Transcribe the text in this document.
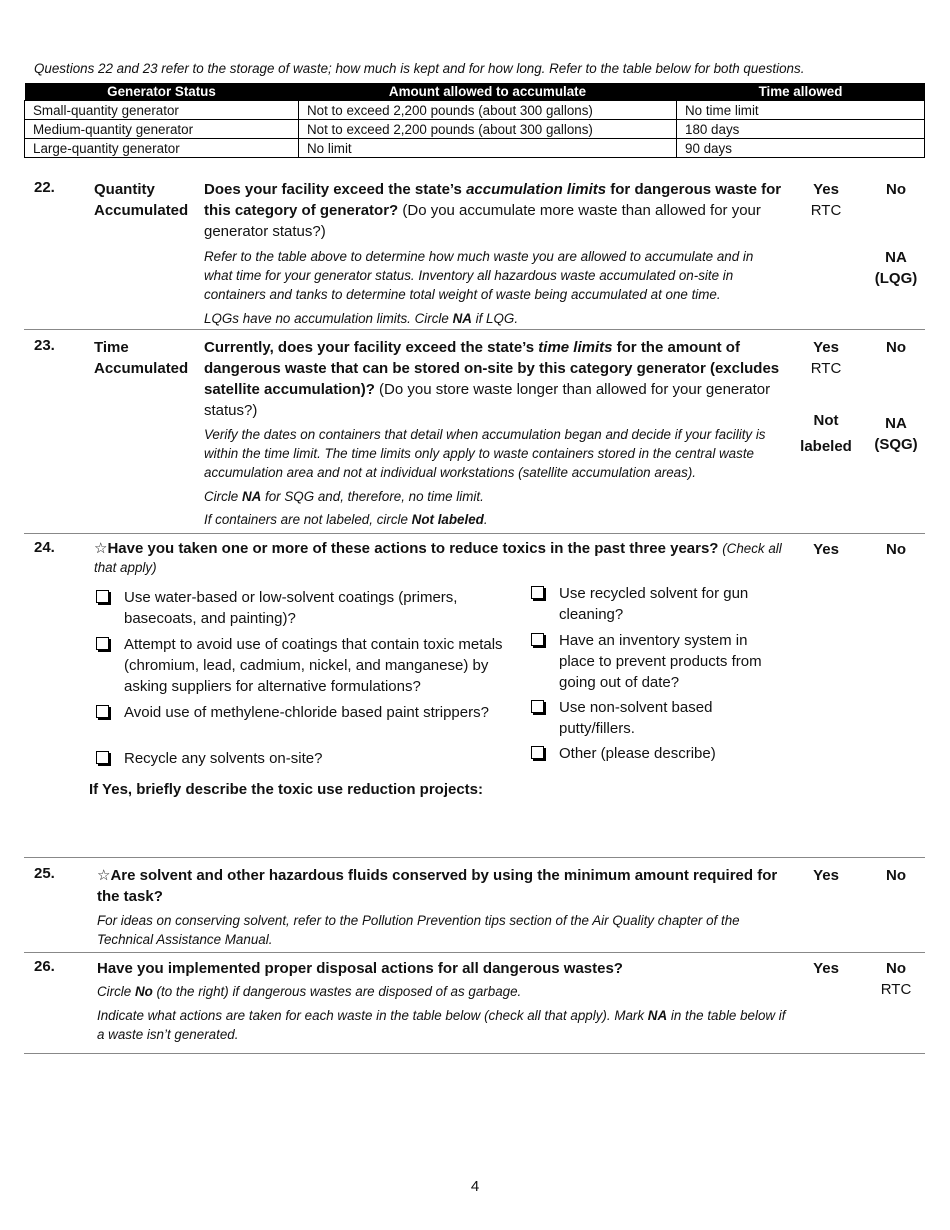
Questions 22 and 23 refer to the storage of waste; how much is kept and for how long. Refer to the table below for both questions.
Generator Status	Amount allowed to accumulate	Time allowed
Small-quantity generator	Not to exceed 2,200 pounds (about 300 gallons)	No time limit
Medium-quantity generator	Not to exceed 2,200 pounds (about 300 gallons)	180 days
Large-quantity generator	No limit	90 days
22.	Quantity
Accumulated
Does your facility exceed the state’s accumulation limits for dangerous waste for this category of generator? (Do you accumulate more waste than allowed for your generator status?)
Refer to the table above to determine how much waste you are allowed to accumulate and in what time for your generator status. Inventory all hazardous waste accumulated on-site in containers and tanks to determine total weight of waste being accumulated at one time.
LQGs have no accumulation limits. Circle NA if LQG.
Yes
RTC
No
NA
(LQG)
23.	Time
Accumulated
Currently, does your facility exceed the state’s time limits for the amount of dangerous waste that can be stored on-site by this category generator (excludes satellite accumulation)? (Do you store waste longer than allowed for your generator status?)
Verify the dates on containers that detail when accumulation began and decide if your facility is within the time limit. The time limits only apply to waste containers stored in the central waste accumulation area and not at individual workstations (satellite accumulation areas).
Circle NA for SQG and, therefore, no time limit.
If containers are not labeled, circle Not labeled.
Yes
RTC
No
Not
labeled
NA
(SQG)
24.	☆Have you taken one or more of these actions to reduce toxics in the past three years? (Check all that apply)
Yes	No
Use water-based or low-solvent coatings (primers, basecoats, and painting)?
Attempt to avoid use of coatings that contain toxic metals (chromium, lead, cadmium, nickel, and manganese) by asking suppliers for alternative formulations?
Avoid use of methylene-chloride based paint strippers?
Recycle any solvents on-site?
Use recycled solvent for gun cleaning?
Have an inventory system in place to prevent products from going out of date?
Use non-solvent based putty/fillers.
Other (please describe)
If Yes, briefly describe the toxic use reduction projects:
25.	☆Are solvent and other hazardous fluids conserved by using the minimum amount required for the task?
For ideas on conserving solvent, refer to the Pollution Prevention tips section of the Air Quality chapter of the Technical Assistance Manual.
Yes	No
26.	Have you implemented proper disposal actions for all dangerous wastes?
Circle No (to the right) if dangerous wastes are disposed of as garbage.
Indicate what actions are taken for each waste in the table below (check all that apply). Mark NA in the table below if a waste isn’t generated.
Yes	No
RTC
4
